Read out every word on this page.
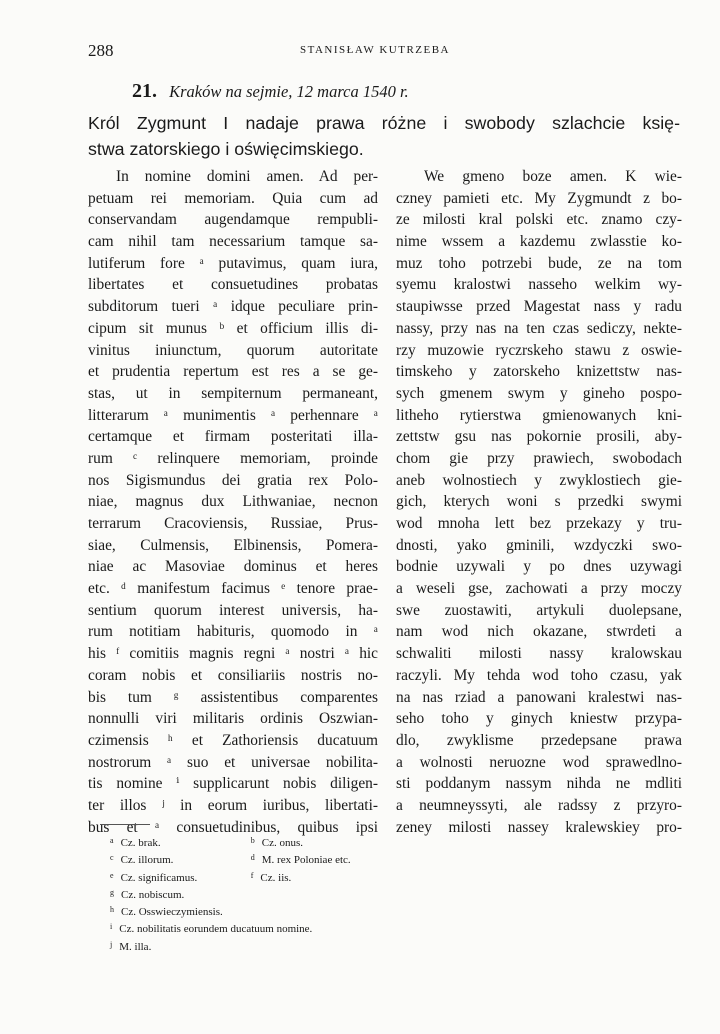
288	STANISŁAW KUTRZEBA
21. Kraków na sejmie, 12 marca 1540 r.
Król Zygmunt I nadaje prawa różne i swobody szlachcie księ-
stwa zatorskiego i oświęcimskiego.
In nomine domini amen. Ad per-
petuam rei memoriam. Quia cum ad
conservandam augendamque rempubli-
cam nihil tam necessarium tamque sa-
lutiferum fore ᵃ putavimus, quam iura,
libertates et consuetudines probatas
subditorum tueri ᵃ idque peculiare prin-
cipum sit munus ᵇ et officium illis di-
vinitus iniunctum, quorum autoritate
et prudentia repertum est res a se ge-
stas, ut in sempiternum permaneant,
litterarum ᵃ munimentis ᵃ perhennare ᵃ
certamque et firmam posteritati illa-
rum ᶜ relinquere memoriam, proinde
nos Sigismundus dei gratia rex Polo-
niae, magnus dux Lithwaniae, necnon
terrarum Cracoviensis, Russiae, Prus-
siae, Culmensis, Elbinensis, Pomera-
niae ac Masoviae dominus et heres
etc. ᵈ manifestum facimus ᵉ tenore prae-
sentium quorum interest universis, ha-
rum notitiam habituris, quomodo in ᵃ
his ᶠ comitiis magnis regni ᵃ nostri ᵃ hic
coram nobis et consiliariis nostris no-
bis tum ᵍ assistentibus comparentes
nonnulli viri militaris ordinis Oszwian-
czimensis ʰ et Zathoriensis ducatuum
nostrorum ᵃ suo et universae nobilita-
tis nomine ⁱ supplicarunt nobis diligen-
ter illos ʲ in eorum iuribus, libertati-
bus et ᵃ consuetudinibus, quibus ipsi
We gmeno boze amen. K wie-
czney pamieti etc. My Zygmundt z bo-
ze milosti kral polski etc. znamo czy-
nime wssem a kazdemu zwlasstie ko-
muz toho potrzebi bude, ze na tom
syemu kralostwi nasseho welkim wy-
staupiwsse przed Magestat nass y radu
nassy, przy nas na ten czas sediczy, nekte-
rzy muzowie ryczrskeho stawu z oswie-
timskeho y zatorskeho knizettstw nas-
sych gmenem swym y gineho pospo-
litheho rytierstwa gmienowanych kni-
zettstw gsu nas pokornie prosili, aby-
chom gie przy prawiech, swobodach
aneb wolnostiech y zwyklostiech gie-
gich, kterych woni s przedki swymi
wod mnoha lett bez przekazy y tru-
dnosti, yako gminili, wzdyczki swo-
bodnie uzywali y po dnes uzywagi
a weseli gse, zachowati a przy moczy
swe zuostawiti, artykuli duolepsane,
nam wod nich okazane, stwrdeti a
schwaliti milosti nassy kralowskau
raczyli. My tehda wod toho czasu, yak
na nas rziad a panowani kralestwi nas-
seho toho y ginych kniestw przypa-
dlo, zwyklisme przedepsane prawa
a wolnosti neruozne wod sprawedlno-
sti poddanym nassym nihda ne mdliti
a neumneyssyti, ale radssy z przyro-
zeney milosti nassey kralewskiey pro-
$^a$ Cz. brak.	$^b$ Cz. onus.
$^c$ Cz. illorum.	$^d$ M. rex Poloniae etc.
$^e$ Cz. significamus.	$^f$ Cz. iis.
$^g$ Cz. nobiscum.
$^h$ Cz. Osswieczymiensis.
$^i$ Cz. nobilitatis eorundem ducatuum nomine.
$^j$ M. illa.
